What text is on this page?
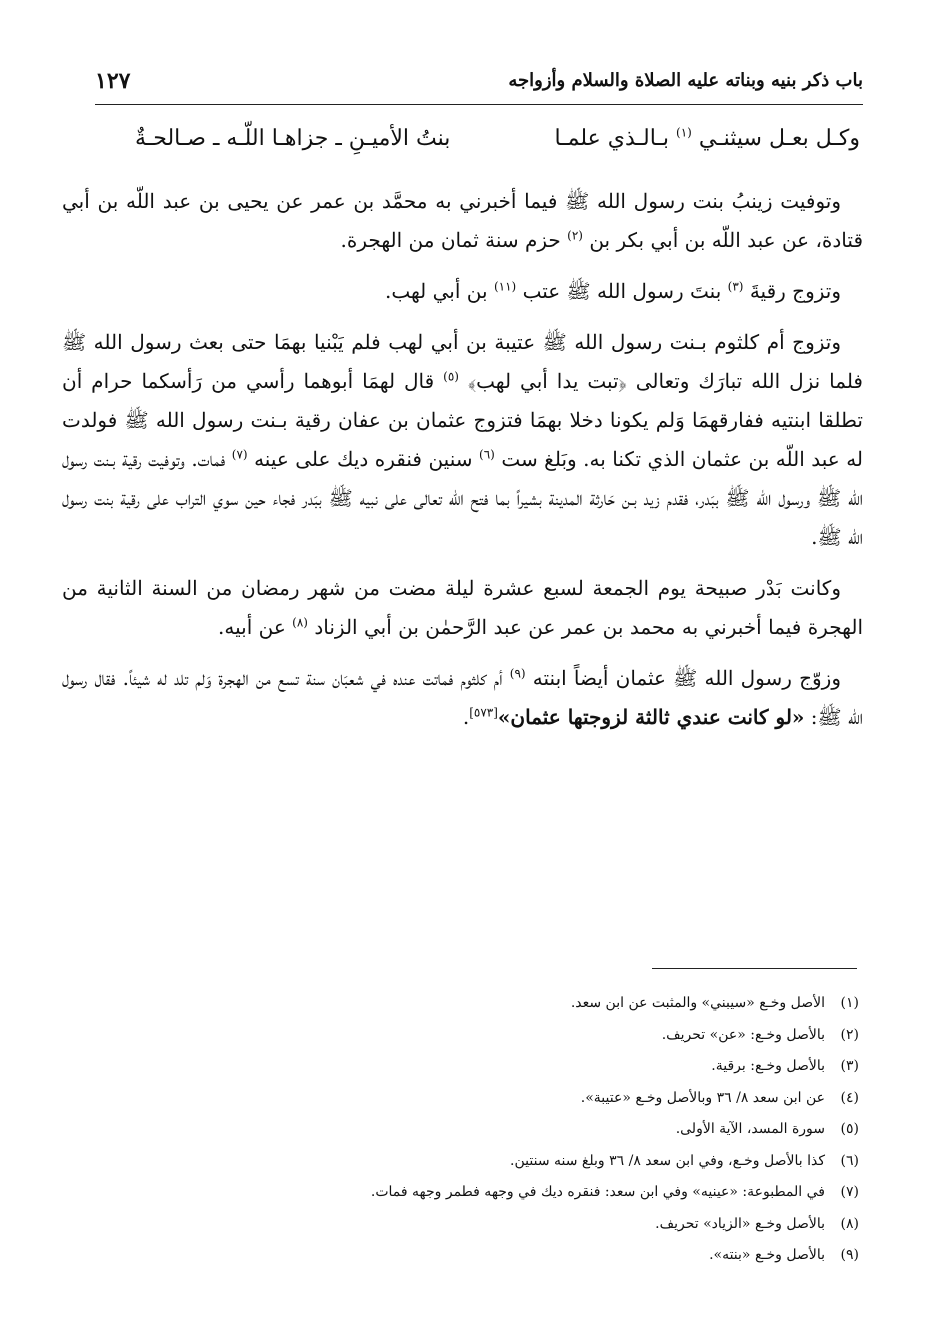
باب ذكر بنيه وبناته عليه الصلاة والسلام وأزواجه
١٢٧
وكـل بعـل سيثنـي $^{(١)}$ بـالـذي علمـا
بنتُ الأميـنِ ـ جزاهـا اللّـه ـ صـالحـةٌ

وتوفيت زينبُ بنت رسول الله ﷺ فيما أخبرني به محمَّد بن عمر عن يحيى بن عبد اللّه بن أبي قتادة، عن عبد اللّه بن أبي بكر بن $^{(٢)}$ حزم سنة ثمان من الهجرة.

وتزوج رقيةَ $^{(٣)}$ بنتَ رسول الله ﷺ عتب $^{(١١)}$ بن أبي لهب.

وتزوج أم كلثوم بـنت رسول الله ﷺ عتيبة بن أبي لهب فلم يَبْنيا بهمَا حتى بعث رسول الله ﷺ فلما نزل الله تبارَك وتعالى ﴿تبت يدا أبي لهب﴾ $^{(٥)}$ قال لهمَا أبوهما رأسي من رَأسكما حرام أن تطلقا ابنتيه ففارقهمَا وَلم يكونا دخلا بهمَا فتزوج عثمان بن عفان رقية بـنت رسول الله ﷺ فولدت له عبد اللّه بن عثمان الذي تكنا به. وبَلغ ست $^{(٦)}$ سنين فنقره ديك على عينه $^{(٧)}$ فمات. وتوفيت رقية بـنت رسول الله ﷺ ورسول الله ﷺ ببَدر، فقدم زيد بـن حَارثة المدينة بشيراً بما فتح الله تعالى على نبيه ﷺ ببَدر فجاء حين سوي التراب على رقية بنت رسول الله ﷺ.

وكانت بَدْر صبيحة يوم الجمعة لسبع عشرة ليلة مضت من شهر رمضان من السنة الثانية من الهجرة فيما أخبرني به محمد بن عمر عن عبد الرَّحمٰن بن أبي الزناد $^{(٨)}$ عن أبيه.

وزوّج رسول الله ﷺ عثمان أيضاً ابنته $^{(٩)}$ أم كلثوم فماتت عنده في شعبَان سنة تسع من الهجرة وَلم تلد له شيئاً. فقال رسول الله ﷺ: «لو كانت عندي ثالثة لزوجتها عثمان»[٥٧٣].

(١)الأصل وخـع «سيبني» والمثبت عن ابن سعد.
(٢)بالأصل وخـع: «عن» تحريف.
(٣)بالأصل وخـع: برقية.
(٤)عن ابن سعد ٨/ ٣٦ وبالأصل وخـع «عتيبة».
(٥)سورة المسد، الآية الأولى.
(٦)كذا بالأصل وخـع، وفي ابن سعد ٨/ ٣٦ وبلغ سنه سنتين.
(٧)في المطبوعة: «عينيه» وفي ابن سعد: فنقره ديك في وجهه فطمر وجهه فمات.
(٨)بالأصل وخـع «الزياد» تحريف.
(٩)بالأصل وخـع «بنته».
